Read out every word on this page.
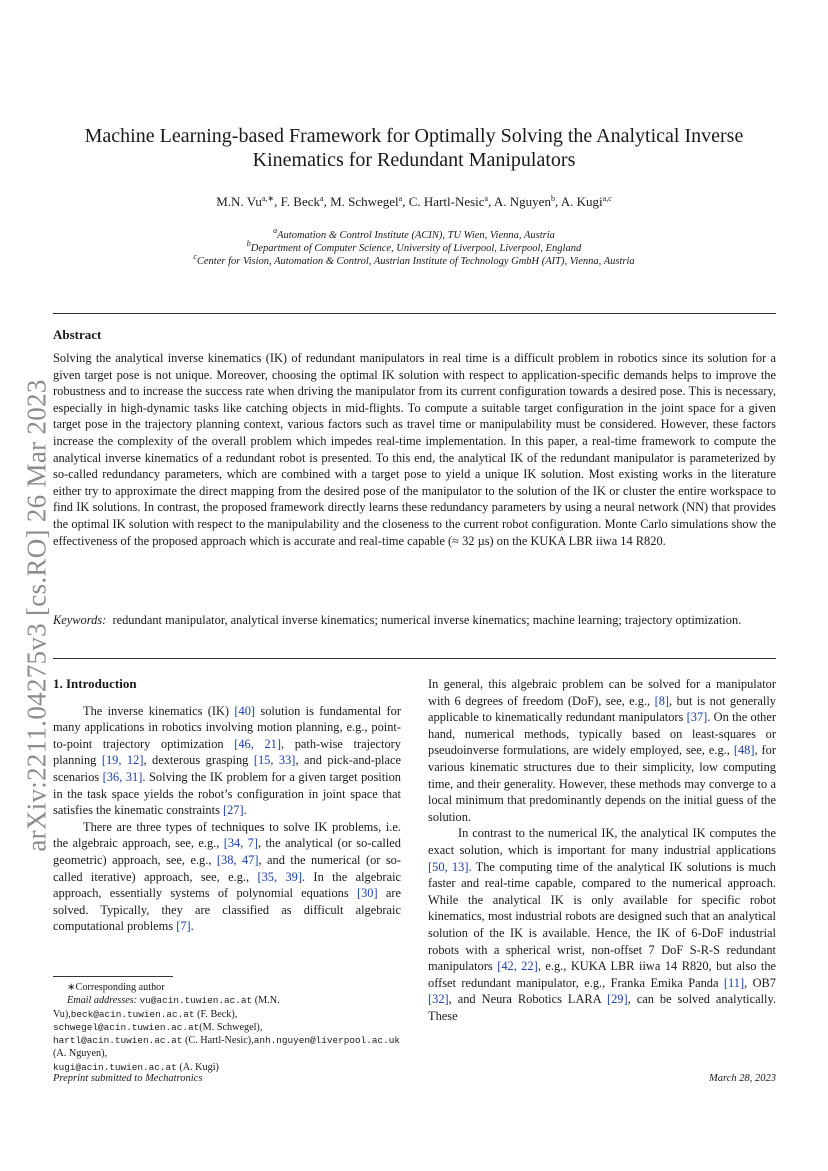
arXiv:2211.04275v3 [cs.RO] 26 Mar 2023
Machine Learning-based Framework for Optimally Solving the Analytical Inverse
Kinematics for Redundant Manipulators
M.N. $Vu^{a,∗}$, F. Beck$^a$, M. Schwegel$^a$, C. Hartl-Nesic$^a$, A. Nguyen$^b$, A. Kugi$^{a,c}$
$^a$Automation & Control Institute (ACIN), TU Wien, Vienna, Austria
$^b$Department of Computer Science, University of Liverpool, Liverpool, England
$^c$Center for Vision, Automation & Control, Austrian Institute of Technology GmbH (AIT), Vienna, Austria
Abstract
Solving the analytical inverse kinematics (IK) of redundant manipulators in real time is a difficult problem in robotics since its solution for a given target pose is not unique. Moreover, choosing the optimal IK solution with respect to application-specific demands helps to improve the robustness and to increase the success rate when driving the manipulator from its current configuration towards a desired pose. This is necessary, especially in high-dynamic tasks like catching objects in mid-flights. To compute a suitable target configuration in the joint space for a given target pose in the trajectory planning context, various factors such as travel time or manipulability must be considered. However, these factors increase the complexity of the overall problem which impedes real-time implementation. In this paper, a real-time framework to compute the analytical inverse kinematics of a redundant robot is presented. To this end, the analytical IK of the redundant manipulator is parameterized by so-called redundancy parameters, which are combined with a target pose to yield a unique IK solution. Most existing works in the literature either try to approximate the direct mapping from the desired pose of the manipulator to the solution of the IK or cluster the entire workspace to find IK solutions. In contrast, the proposed framework directly learns these redundancy parameters by using a neural network (NN) that provides the optimal IK solution with respect to the manipulability and the closeness to the current robot configuration. Monte Carlo simulations show the effectiveness of the proposed approach which is accurate and real-time capable (≈ 32 µs) on the KUKA LBR iiwa 14 R820.
Keywords: redundant manipulator, analytical inverse kinematics; numerical inverse kinematics; machine learning; trajectory optimization.
1. Introduction
The inverse kinematics (IK) [40] solution is fundamental for many applications in robotics involving motion planning, e.g., point-to-point trajectory optimization [46, 21], path-wise trajectory planning [19, 12], dexterous grasping [15, 33], and pick-and-place scenarios [36, 31]. Solving the IK problem for a given target position in the task space yields the robot’s configuration in joint space that satisfies the kinematic constraints [27].
There are three types of techniques to solve IK problems, i.e. the algebraic approach, see, e.g., [34, 7], the analytical (or so-called geometric) approach, see, e.g., [38, 47], and the numerical (or so-called iterative) approach, see, e.g., [35, 39]. In the algebraic approach, essentially systems of polynomial equations [30] are solved. Typically, they are classified as difficult algebraic computational problems [7].
In general, this algebraic problem can be solved for a manipulator with 6 degrees of freedom (DoF), see, e.g., [8], but is not generally applicable to kinematically redundant manipulators [37]. On the other hand, numerical methods, typically based on least-squares or pseudoinverse formulations, are widely employed, see, e.g., [48], for various kinematic structures due to their simplicity, low computing time, and their generality. However, these methods may converge to a local minimum that predominantly depends on the initial guess of the solution.
In contrast to the numerical IK, the analytical IK computes the exact solution, which is important for many industrial applications [50, 13]. The computing time of the analytical IK solutions is much faster and real-time capable, compared to the numerical approach. While the analytical IK is only available for specific robot kinematics, most industrial robots are designed such that an analytical solution of the IK is available. Hence, the IK of 6-DoF industrial robots with a spherical wrist, non-offset 7 DoF S-R-S redundant manipulators [42, 22], e.g., KUKA LBR iiwa 14 R820, but also the offset redundant manipulator, e.g., Franka Emika Panda [11], OB7 [32], and Neura Robotics LARA [29], can be solved analytically. These
∗Corresponding author
Email addresses: vu@acin.tuwien.ac.at (M.N. Vu),beck@acin.tuwien.ac.at (F. Beck),
schwegel@acin.tuwien.ac.at(M. Schwegel),
hartl@acin.tuwien.ac.at (C. Hartl-Nesic),anh.nguyen@liverpool.ac.uk (A. Nguyen),
kugi@acin.tuwien.ac.at (A. Kugi)

Preprint submitted to Mechatronics	March 28, 2023
